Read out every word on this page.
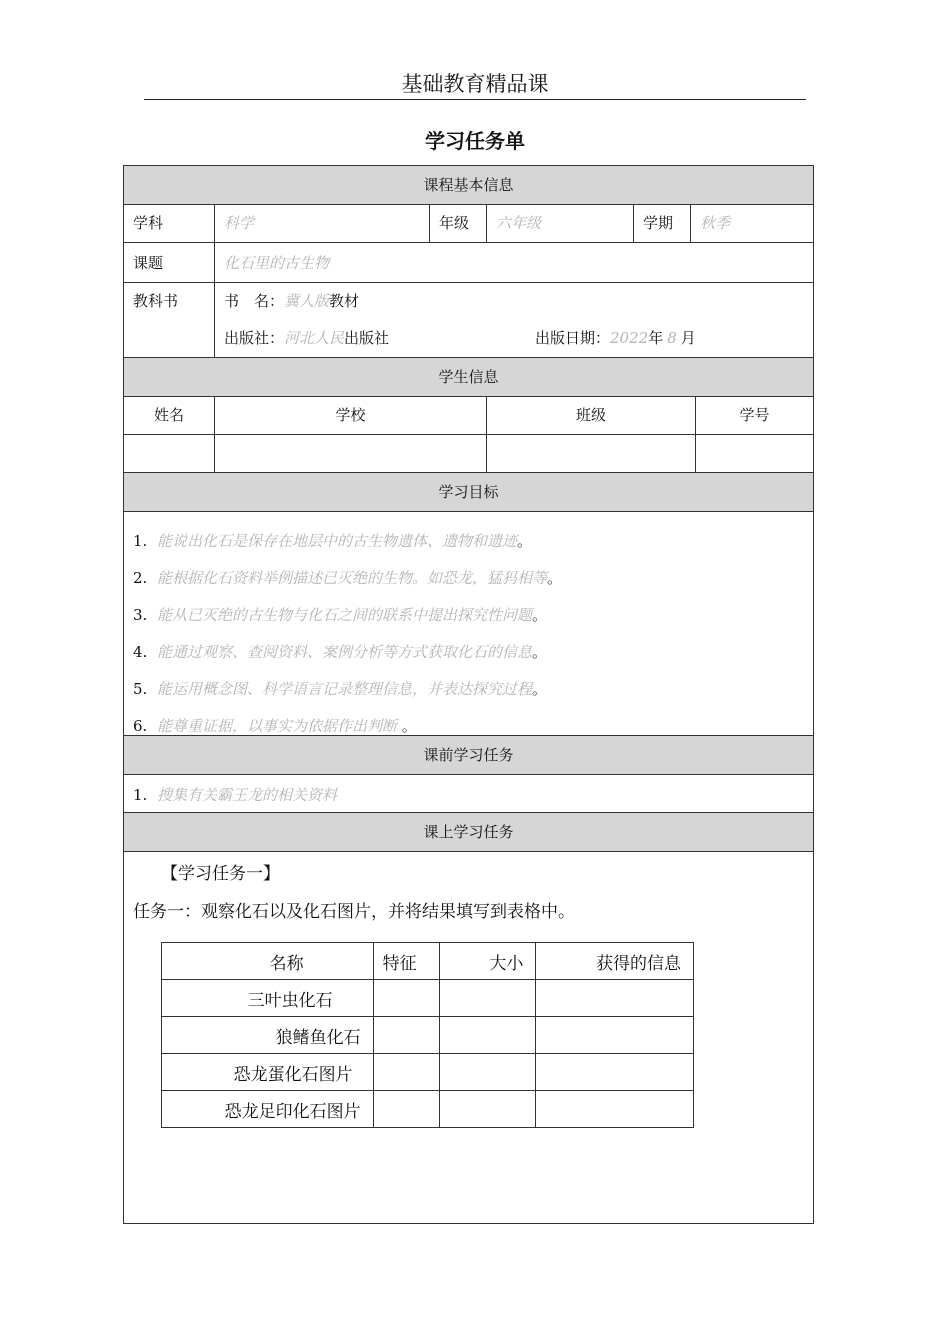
基础教育精品课
学习任务单
课程基本信息
学科	科学	年级	六年级	学期	秋季
课题	化石里的古生物
教科书	书　名：冀人版教材
出版社：河北人民出版社	出版日期：2022年 8 月
学生信息
姓名	学校	班级	学号
学习目标
1. 能说出化石是保存在地层中的古生物遗体、遗物和遗迹。
2. 能根据化石资料举例描述已灭绝的生物。如恐龙，猛犸相等。
3. 能从已灭绝的古生物与化石之间的联系中提出探究性问题。
4. 能通过观察、查阅资料、案例分析等方式获取化石的信息。
5. 能运用概念图、科学语言记录整理信息，并表达探究过程。
6. 能尊重证据，以事实为依据作出判断 。
课前学习任务
1. 搜集有关霸王龙的相关资料
课上学习任务
【学习任务一】
任务一：观察化石以及化石图片，并将结果填写到表格中。
名称	特征	大小	获得的信息
三叶虫化石			
狼鳍鱼化石			
恐龙蛋化石图片			
恐龙足印化石图片			
